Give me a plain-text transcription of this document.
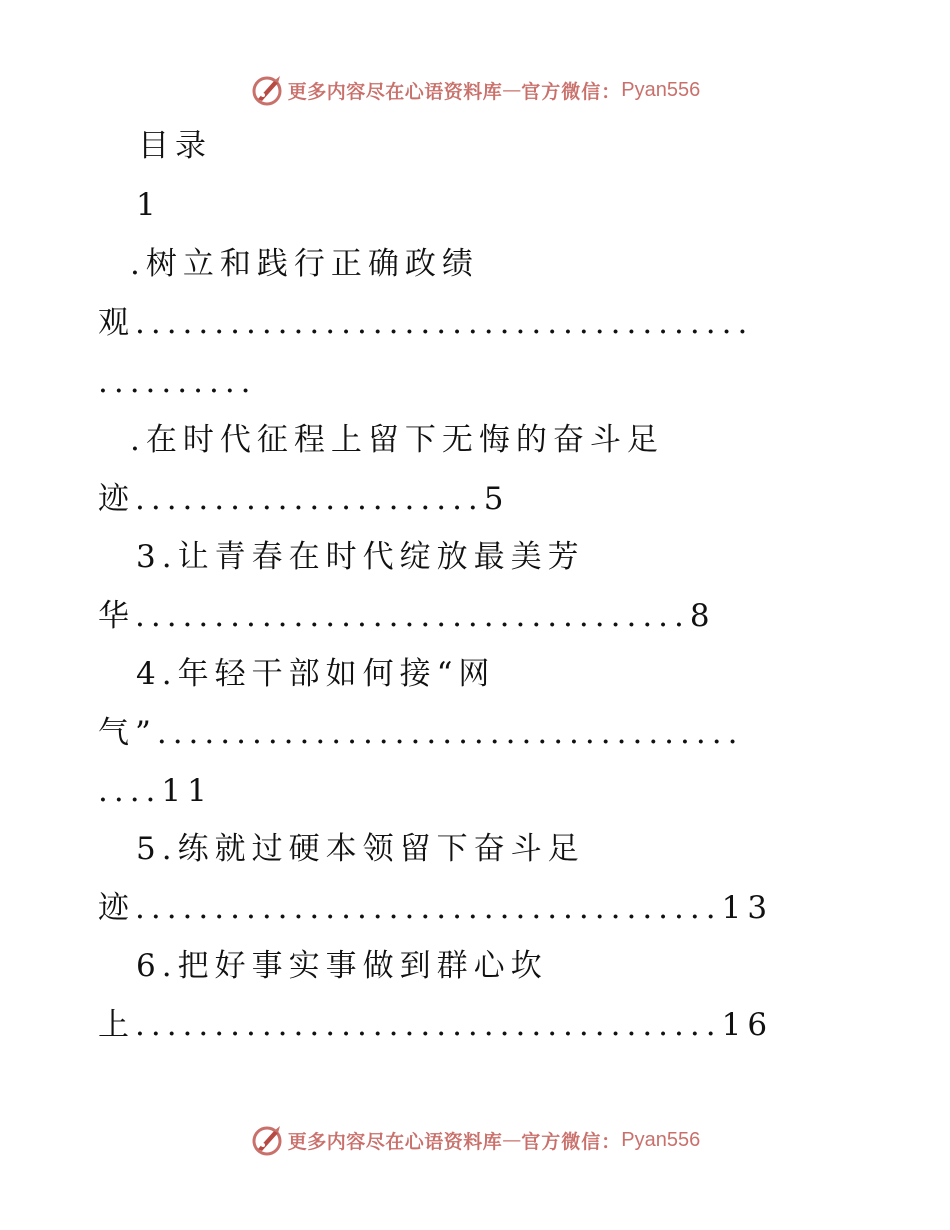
更多内容尽在心语资料库 — 官方微信： Pyan556
目录
1
.树立和践行正确政绩
观.......................................
..........
.在时代征程上留下无悔的奋斗足
迹......................5
3.让青春在时代绽放最美芳
华...................................8
4.年轻干部如何接“网
气”.....................................
....11
5.练就过硬本领留下奋斗足
迹.....................................13
6.把好事实事做到群心坎
上.....................................16
更多内容尽在心语资料库 — 官方微信： Pyan556
